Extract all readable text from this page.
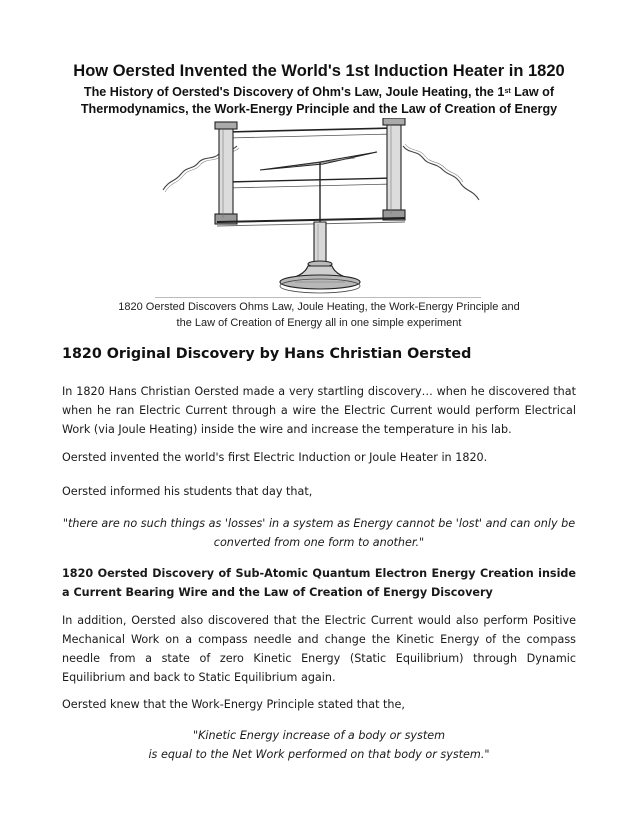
How Oersted Invented the World's 1st Induction Heater in 1820
The History of Oersted's Discovery of Ohm's Law, Joule Heating, the 1st Law of Thermodynamics, the Work-Energy Principle and the Law of Creation of Energy
1820 Oersted Discovers Ohms Law, Joule Heating, the Work-Energy Principle and
the Law of Creation of Energy all in one simple experiment
1820 Original Discovery by Hans Christian Oersted
In 1820 Hans Christian Oersted made a very startling discovery… when he discovered that when he ran Electric Current through a wire the Electric Current would perform Electrical Work (via Joule Heating) inside the wire and increase the temperature in his lab.
Oersted invented the world's first Electric Induction or Joule Heater in 1820.
Oersted informed his students that day that,
"there are no such things as 'losses' in a system as Energy cannot be 'lost' and can only be
converted from one form to another."
1820 Oersted Discovery of Sub-Atomic Quantum Electron Energy Creation inside a Current Bearing Wire and the Law of Creation of Energy Discovery
In addition, Oersted also discovered that the Electric Current would also perform Positive Mechanical Work on a compass needle and change the Kinetic Energy of the compass needle from a state of zero Kinetic Energy (Static Equilibrium) through Dynamic Equilibrium and back to Static Equilibrium again.
Oersted knew that the Work-Energy Principle stated that the,
"Kinetic Energy increase of a body or system
is equal to the Net Work performed on that body or system."
